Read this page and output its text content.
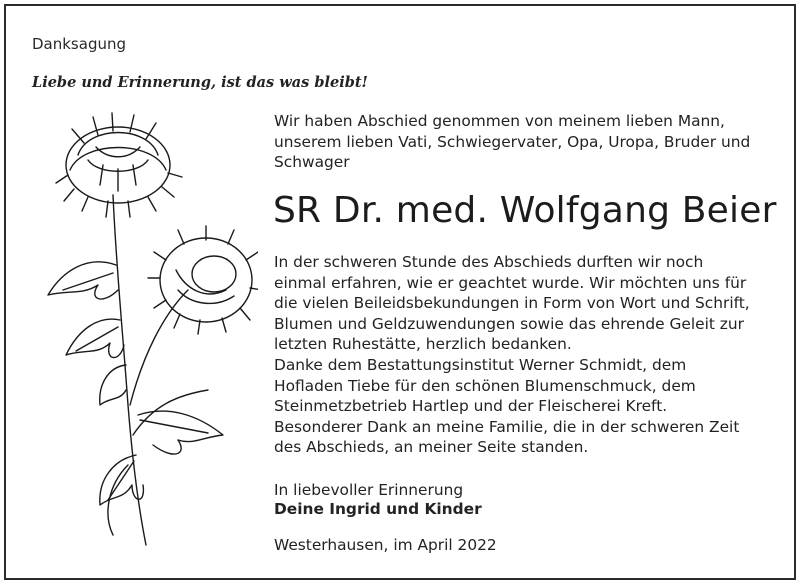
Danksagung
Liebe und Erinnerung, ist das was bleibt!
Wir haben Abschied genommen von meinem lieben Mann,
unserem lieben Vati, Schwiegervater, Opa, Uropa, Bruder und
Schwager
SR Dr. med. Wolfgang Beier
In der schweren Stunde des Abschieds durften wir noch
einmal erfahren, wie er geachtet wurde. Wir möchten uns für
die vielen Beileidsbekundungen in Form von Wort und Schrift,
Blumen und Geldzuwendungen sowie das ehrende Geleit zur
letzten Ruhestätte, herzlich bedanken.
Danke dem Bestattungsinstitut Werner Schmidt, dem
Hofladen Tiebe für den schönen Blumenschmuck, dem
Steinmetzbetrieb Hartlep und der Fleischerei Kreft.
Besonderer Dank an meine Familie, die in der schweren Zeit
des Abschieds, an meiner Seite standen.
In liebevoller Erinnerung
Deine Ingrid und Kinder
Westerhausen, im April 2022
